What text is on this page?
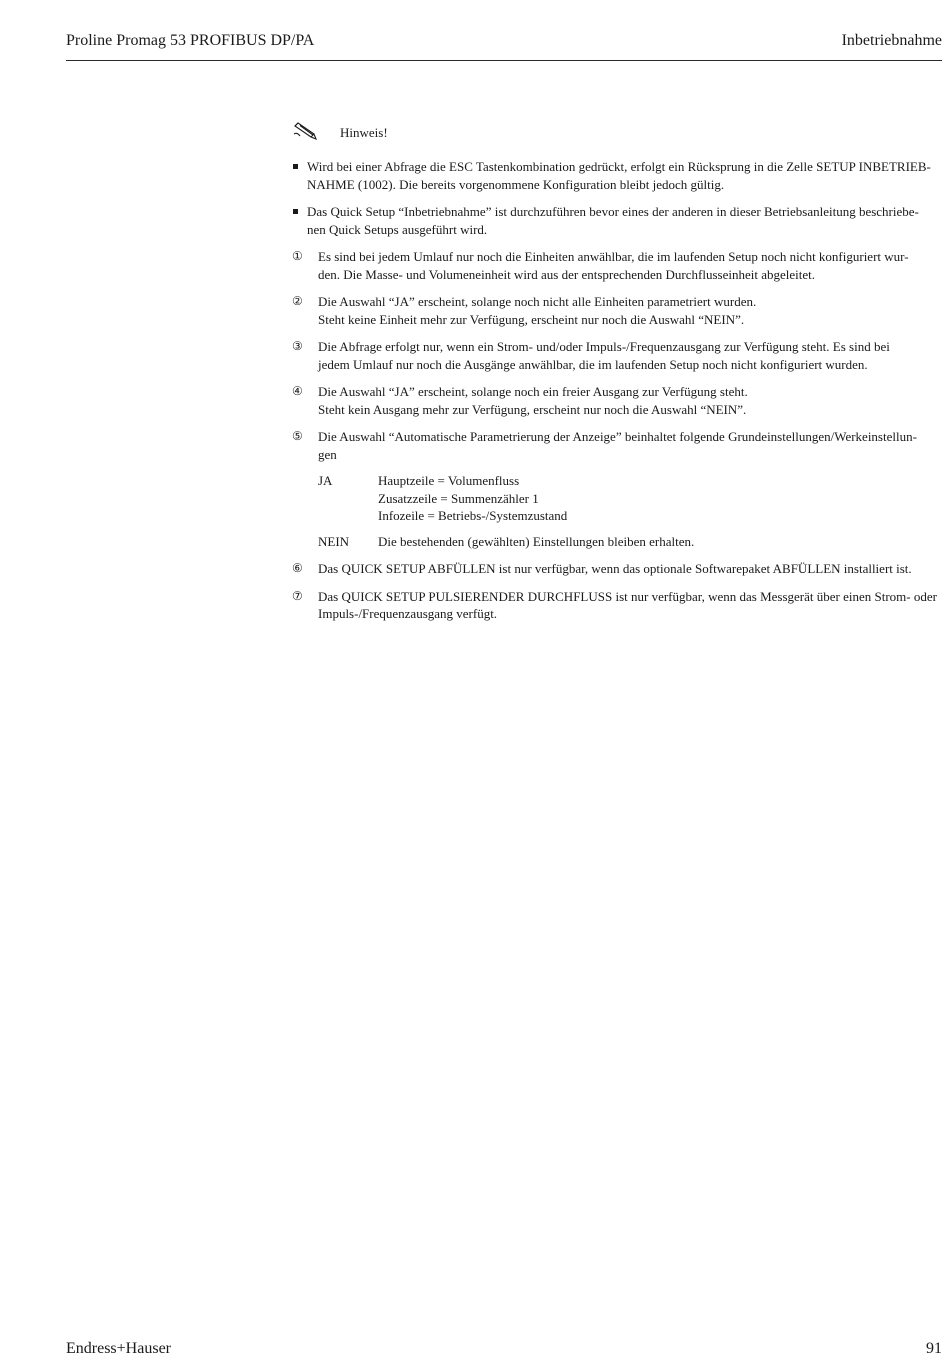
Proline Promag 53 PROFIBUS DP/PA	Inbetriebnahme
Hinweis!
Wird bei einer Abfrage die ESC Tastenkombination gedrückt, erfolgt ein Rücksprung in die Zelle SETUP INBETRIEB-
NAHME (1002). Die bereits vorgenommene Konfiguration bleibt jedoch gültig.
Das Quick Setup “Inbetriebnahme” ist durchzuführen bevor eines der anderen in dieser Betriebsanleitung beschriebe-
nen Quick Setups ausgeführt wird.
① Es sind bei jedem Umlauf nur noch die Einheiten anwählbar, die im laufenden Setup noch nicht konfiguriert wur-
den. Die Masse- und Volumeneinheit wird aus der entsprechenden Durchflusseinheit abgeleitet.
② Die Auswahl “JA” erscheint, solange noch nicht alle Einheiten parametriert wurden.
Steht keine Einheit mehr zur Verfügung, erscheint nur noch die Auswahl “NEIN”.
③ Die Abfrage erfolgt nur, wenn ein Strom- und/oder Impuls-/Frequenzausgang zur Verfügung steht. Es sind bei
jedem Umlauf nur noch die Ausgänge anwählbar, die im laufenden Setup noch nicht konfiguriert wurden.
④ Die Auswahl “JA” erscheint, solange noch ein freier Ausgang zur Verfügung steht.
Steht kein Ausgang mehr zur Verfügung, erscheint nur noch die Auswahl “NEIN”.
⑤ Die Auswahl “Automatische Parametrierung der Anzeige” beinhaltet folgende Grundeinstellungen/Werkeinstellun-
gen
JA	Hauptzeile = Volumenfluss
Zusatzzeile = Summenzähler 1
Infozeile = Betriebs-/Systemzustand
NEIN	Die bestehenden (gewählten) Einstellungen bleiben erhalten.
⑥ Das QUICK SETUP ABFÜLLEN ist nur verfügbar, wenn das optionale Softwarepaket ABFÜLLEN installiert ist.
⑦ Das QUICK SETUP PULSIERENDER DURCHFLUSS ist nur verfügbar, wenn das Messgerät über einen Strom- oder
Impuls-/Frequenzausgang verfügt.
Endress+Hauser	91
